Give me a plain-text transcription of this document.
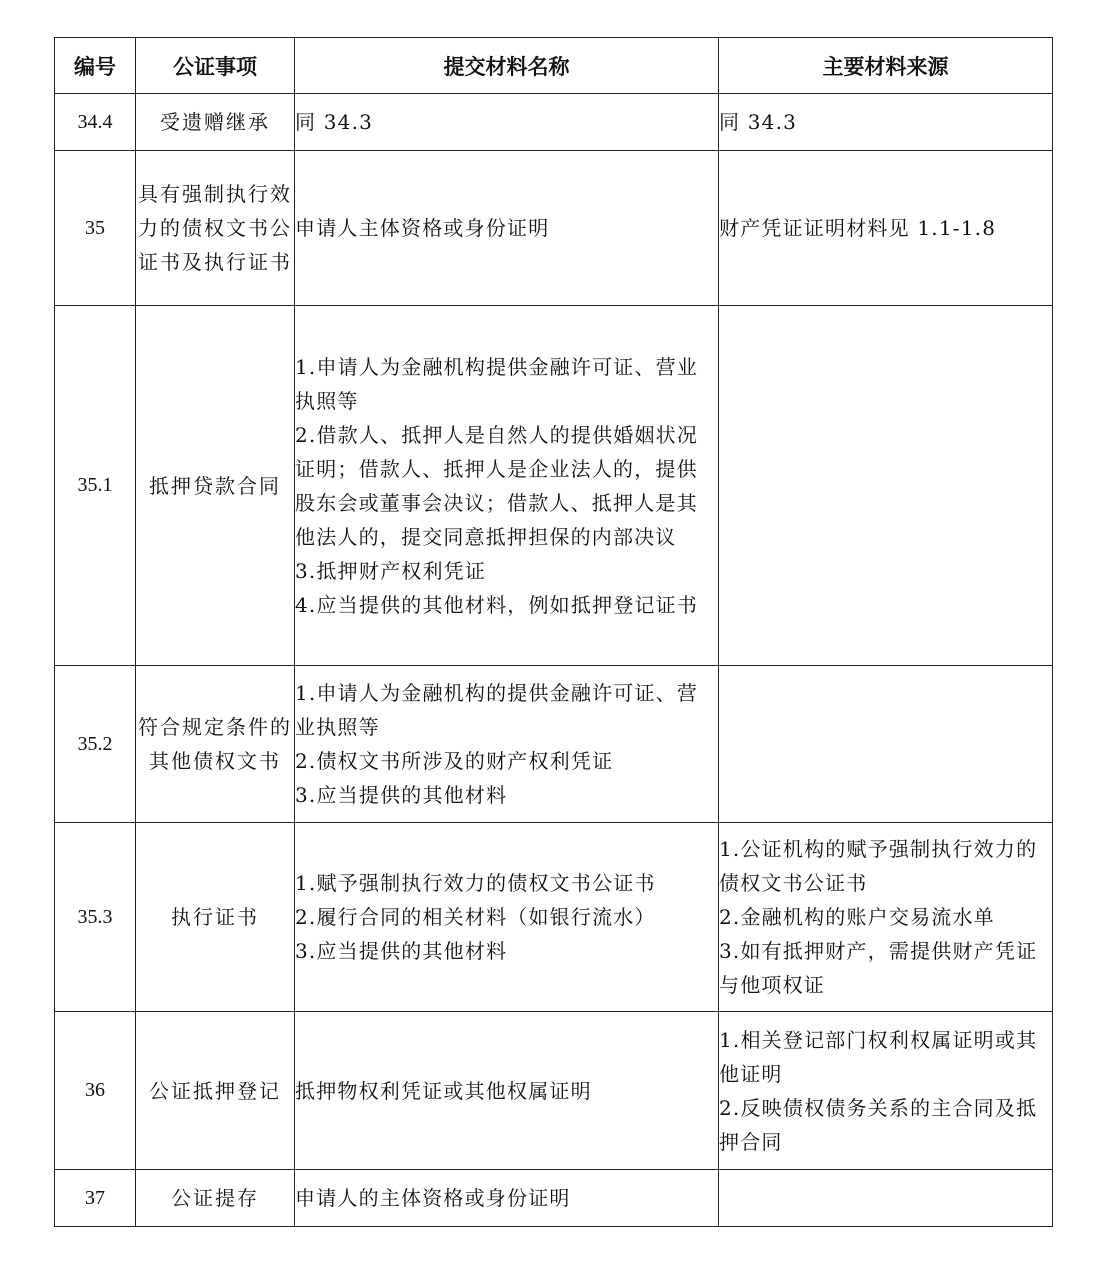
编号	公证事项	提交材料名称	主要材料来源
34.4	受遗赠继承	同 34.3	同 34.3

35	具有强制执行效力的债权文书公证书及执行证书	申请人主体资格或身份证明	财产凭证证明材料见 1.1-1.8

35.1	抵押贷款合同	1.申请人为金融机构提供金融许可证、营业执照等
2.借款人、抵押人是自然人的提供婚姻状况证明；借款人、抵押人是企业法人的，提供股东会或董事会决议；借款人、抵押人是其他法人的，提交同意抵押担保的内部决议
3.抵押财产权利凭证
4.应当提供的其他材料，例如抵押登记证书	

35.2	符合规定条件的其他债权文书	1.申请人为金融机构的提供金融许可证、营业执照等
2.债权文书所涉及的财产权利凭证
3.应当提供的其他材料	

35.3	执行证书	1.赋予强制执行效力的债权文书公证书
2.履行合同的相关材料（如银行流水）
3.应当提供的其他材料	1.公证机构的赋予强制执行效力的债权文书公证书
2.金融机构的账户交易流水单
3.如有抵押财产，需提供财产凭证与他项权证

36	公证抵押登记	抵押物权利凭证或其他权属证明	1.相关登记部门权利权属证明或其他证明
2.反映债权债务关系的主合同及抵押合同

37	公证提存	申请人的主体资格或身份证明	
